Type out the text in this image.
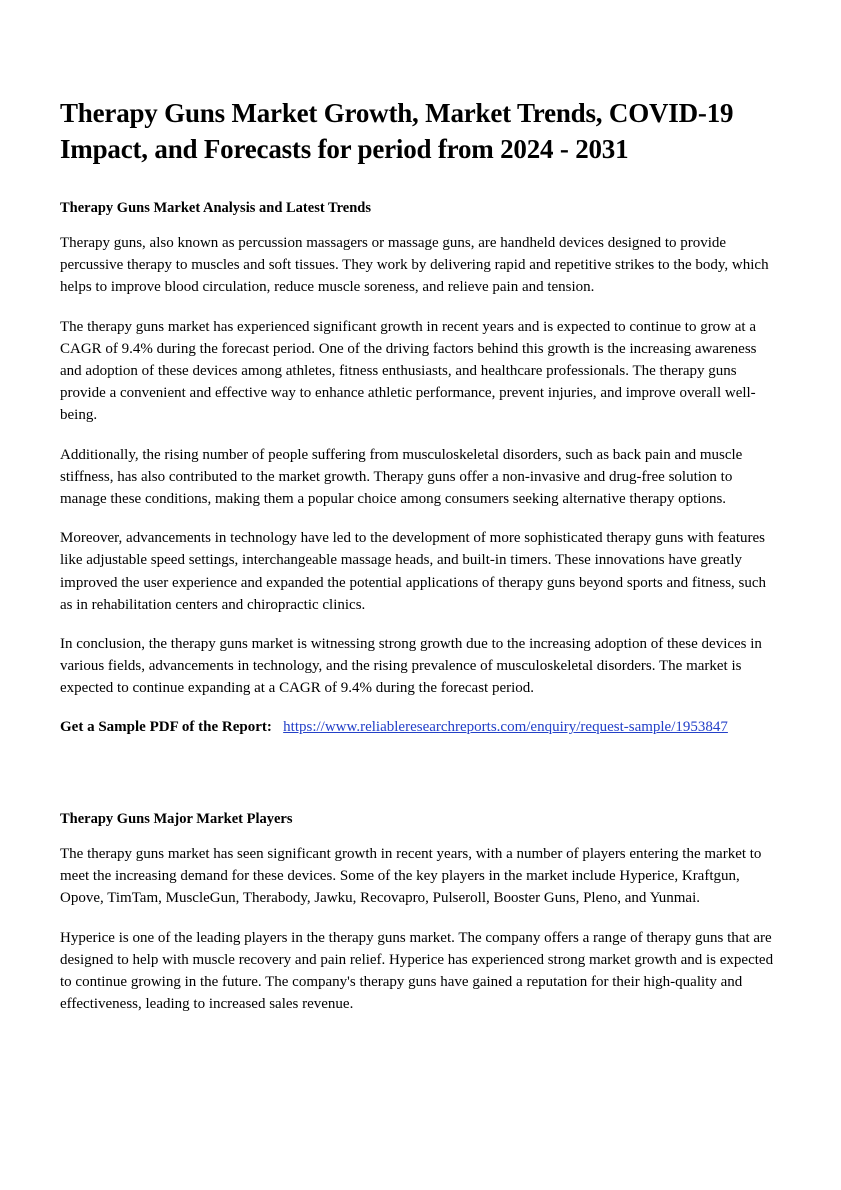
Therapy Guns Market Growth, Market Trends, COVID-19 Impact, and Forecasts for period from 2024 - 2031
Therapy Guns Market Analysis and Latest Trends

Therapy guns, also known as percussion massagers or massage guns, are handheld devices designed to provide percussive therapy to muscles and soft tissues. They work by delivering rapid and repetitive strikes to the body, which helps to improve blood circulation, reduce muscle soreness, and relieve pain and tension.

The therapy guns market has experienced significant growth in recent years and is expected to continue to grow at a CAGR of 9.4% during the forecast period. One of the driving factors behind this growth is the increasing awareness and adoption of these devices among athletes, fitness enthusiasts, and healthcare professionals. The therapy guns provide a convenient and effective way to enhance athletic performance, prevent injuries, and improve overall well-being.

Additionally, the rising number of people suffering from musculoskeletal disorders, such as back pain and muscle stiffness, has also contributed to the market growth. Therapy guns offer a non-invasive and drug-free solution to manage these conditions, making them a popular choice among consumers seeking alternative therapy options.

Moreover, advancements in technology have led to the development of more sophisticated therapy guns with features like adjustable speed settings, interchangeable massage heads, and built-in timers. These innovations have greatly improved the user experience and expanded the potential applications of therapy guns beyond sports and fitness, such as in rehabilitation centers and chiropractic clinics.

In conclusion, the therapy guns market is witnessing strong growth due to the increasing adoption of these devices in various fields, advancements in technology, and the rising prevalence of musculoskeletal disorders. The market is expected to continue expanding at a CAGR of 9.4% during the forecast period.

Get a Sample PDF of the Report: https://www.reliableresearchreports.com/enquiry/request-sample/1953847

Therapy Guns Major Market Players

The therapy guns market has seen significant growth in recent years, with a number of players entering the market to meet the increasing demand for these devices. Some of the key players in the market include Hyperice, Kraftgun, Opove, TimTam, MuscleGun, Therabody, Jawku, Recovapro, Pulseroll, Booster Guns, Pleno, and Yunmai.

Hyperice is one of the leading players in the therapy guns market. The company offers a range of therapy guns that are designed to help with muscle recovery and pain relief. Hyperice has experienced strong market growth and is expected to continue growing in the future. The company's therapy guns have gained a reputation for their high-quality and effectiveness, leading to increased sales revenue.
